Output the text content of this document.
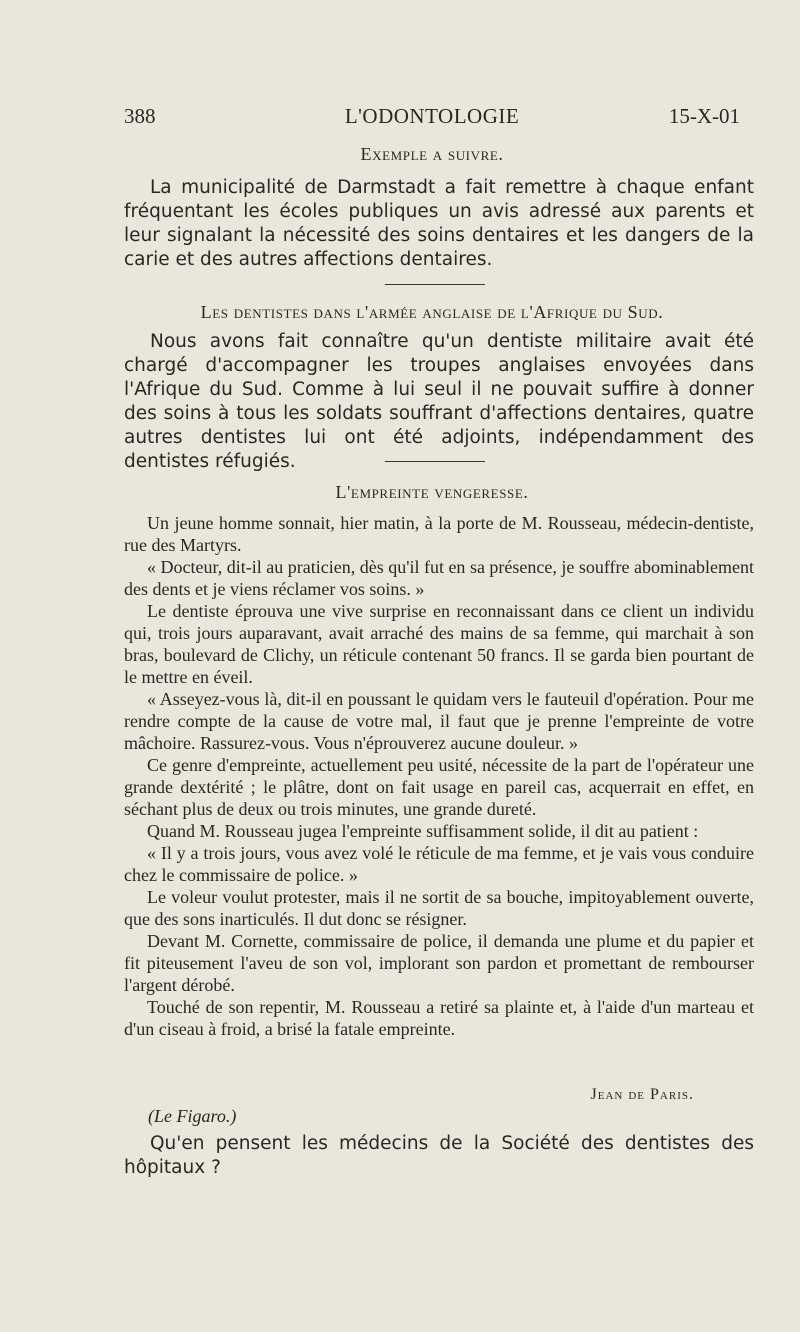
388	L'ODONTOLOGIE	15-X-01
Exemple a suivre.

La municipalité de Darmstadt a fait remettre à chaque enfant fréquentant les écoles publiques un avis adressé aux parents et leur signalant la nécessité des soins dentaires et les dangers de la carie et des autres affections dentaires.

Les dentistes dans l'armée anglaise de l'Afrique du Sud.

Nous avons fait connaître qu'un dentiste militaire avait été chargé d'accompagner les troupes anglaises envoyées dans l'Afrique du Sud. Comme à lui seul il ne pouvait suffire à donner des soins à tous les soldats souffrant d'affections dentaires, quatre autres dentistes lui ont été adjoints, indépendamment des dentistes réfugiés.

L'empreinte vengeresse.

Un jeune homme sonnait, hier matin, à la porte de M. Rousseau, médecin-dentiste, rue des Martyrs.

« Docteur, dit-il au praticien, dès qu'il fut en sa présence, je souffre abominablement des dents et je viens réclamer vos soins. »

Le dentiste éprouva une vive surprise en reconnaissant dans ce client un individu qui, trois jours auparavant, avait arraché des mains de sa femme, qui marchait à son bras, boulevard de Clichy, un réticule contenant 50 francs. Il se garda bien pourtant de le mettre en éveil.

« Asseyez-vous là, dit-il en poussant le quidam vers le fauteuil d'opération. Pour me rendre compte de la cause de votre mal, il faut que je prenne l'empreinte de votre mâchoire. Rassurez-vous. Vous n'éprouverez aucune douleur. »

Ce genre d'empreinte, actuellement peu usité, nécessite de la part de l'opérateur une grande dextérité ; le plâtre, dont on fait usage en pareil cas, acquerrait en effet, en séchant plus de deux ou trois minutes, une grande dureté.

Quand M. Rousseau jugea l'empreinte suffisamment solide, il dit au patient :

« Il y a trois jours, vous avez volé le réticule de ma femme, et je vais vous conduire chez le commissaire de police. »

Le voleur voulut protester, mais il ne sortit de sa bouche, impitoyablement ouverte, que des sons inarticulés. Il dut donc se résigner.

Devant M. Cornette, commissaire de police, il demanda une plume et du papier et fit piteusement l'aveu de son vol, implorant son pardon et promettant de rembourser l'argent dérobé.

Touché de son repentir, M. Rousseau a retiré sa plainte et, à l'aide d'un marteau et d'un ciseau à froid, a brisé la fatale empreinte.

Jean de Paris.
(Le Figaro.)

Qu'en pensent les médecins de la Société des dentistes des hôpitaux ?
